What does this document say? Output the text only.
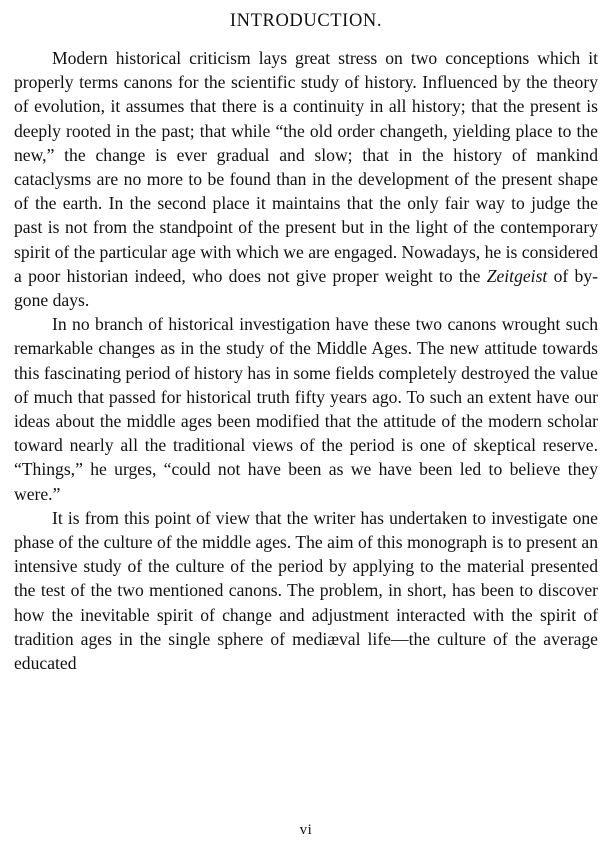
INTRODUCTION.

Modern historical criticism lays great stress on two conceptions which it properly terms canons for the scientific study of history. Influenced by the theory of evolution, it assumes that there is a continuity in all history; that the present is deeply rooted in the past; that while “the old order changeth, yielding place to the new,” the change is ever gradual and slow; that in the history of mankind cataclysms are no more to be found than in the development of the present shape of the earth. In the second place it maintains that the only fair way to judge the past is not from the standpoint of the present but in the light of the contemporary spirit of the particular age with which we are engaged. Nowadays, he is considered a poor historian indeed, who does not give proper weight to the Zeitgeist of by-gone days.

In no branch of historical investigation have these two canons wrought such remarkable changes as in the study of the Middle Ages. The new attitude towards this fascinating period of history has in some fields completely destroyed the value of much that passed for historical truth fifty years ago. To such an extent have our ideas about the middle ages been modified that the attitude of the modern scholar toward nearly all the traditional views of the period is one of skeptical reserve. “Things,” he urges, “could not have been as we have been led to believe they were.”

It is from this point of view that the writer has undertaken to investigate one phase of the culture of the middle ages. The aim of this monograph is to present an intensive study of the culture of the period by applying to the material presented the test of the two mentioned canons. The problem, in short, has been to discover how the inevitable spirit of change and adjustment interacted with the spirit of tradition ages in the single sphere of mediæval life—the culture of the average educated

vi
